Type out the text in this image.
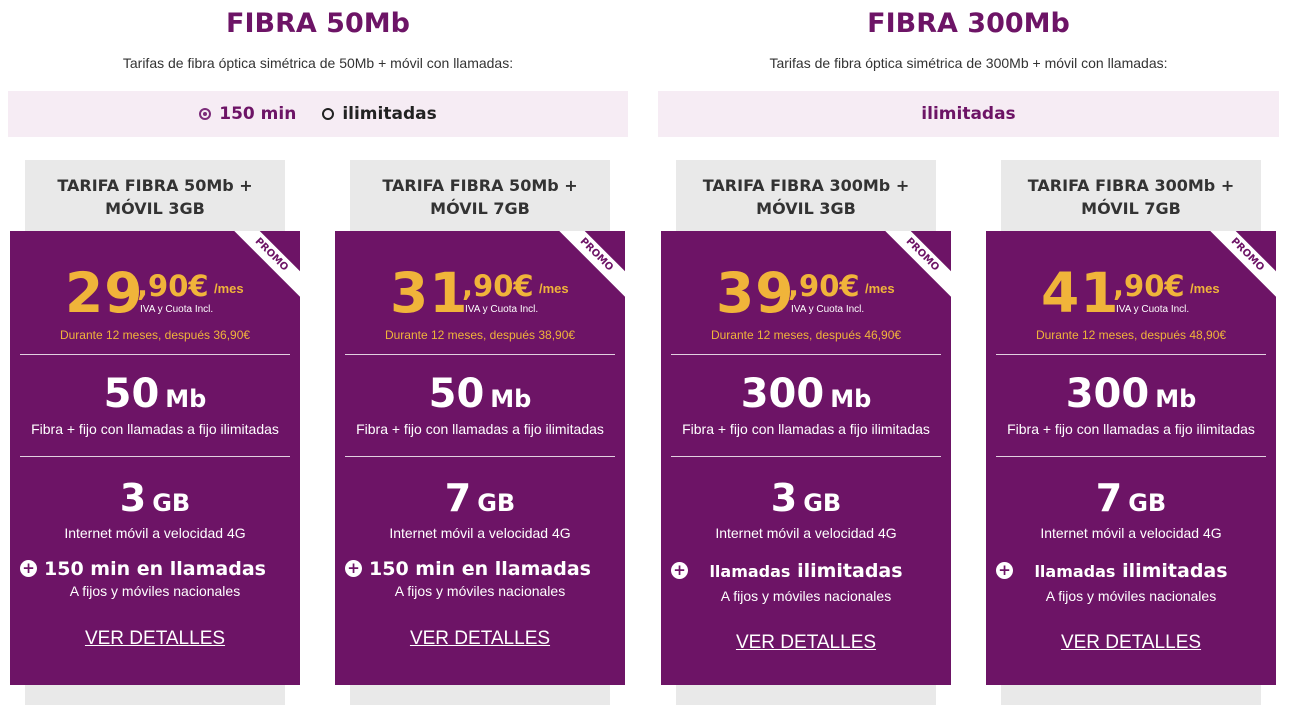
FIBRA 50Mb
Tarifas de fibra óptica simétrica de 50Mb + móvil con llamadas:
150 min	ilimitadas
FIBRA 300Mb
Tarifas de fibra óptica simétrica de 300Mb + móvil con llamadas:
ilimitadas
TARIFA FIBRA 50Mb +
MÓVIL 3GB
PROMO
29
,90€ /mes
IVA y Cuota Incl.
Durante 12 meses, después 36,90€
50 Mb
Fibra + fijo con llamadas a fijo ilimitadas
3 GB
Internet móvil a velocidad 4G
+ 150 min en llamadas
A fijos y móviles nacionales
VER DETALLES
TARIFA FIBRA 50Mb +
MÓVIL 7GB
PROMO
31
,90€ /mes
IVA y Cuota Incl.
Durante 12 meses, después 38,90€
50 Mb
Fibra + fijo con llamadas a fijo ilimitadas
7 GB
Internet móvil a velocidad 4G
+ 150 min en llamadas
A fijos y móviles nacionales
VER DETALLES
TARIFA FIBRA 300Mb +
MÓVIL 3GB
PROMO
39
,90€ /mes
IVA y Cuota Incl.
Durante 12 meses, después 46,90€
300 Mb
Fibra + fijo con llamadas a fijo ilimitadas
3 GB
Internet móvil a velocidad 4G
+ llamadas ilimitadas
A fijos y móviles nacionales
VER DETALLES
TARIFA FIBRA 300Mb +
MÓVIL 7GB
PROMO
41
,90€ /mes
IVA y Cuota Incl.
Durante 12 meses, después 48,90€
300 Mb
Fibra + fijo con llamadas a fijo ilimitadas
7 GB
Internet móvil a velocidad 4G
+ llamadas ilimitadas
A fijos y móviles nacionales
VER DETALLES
